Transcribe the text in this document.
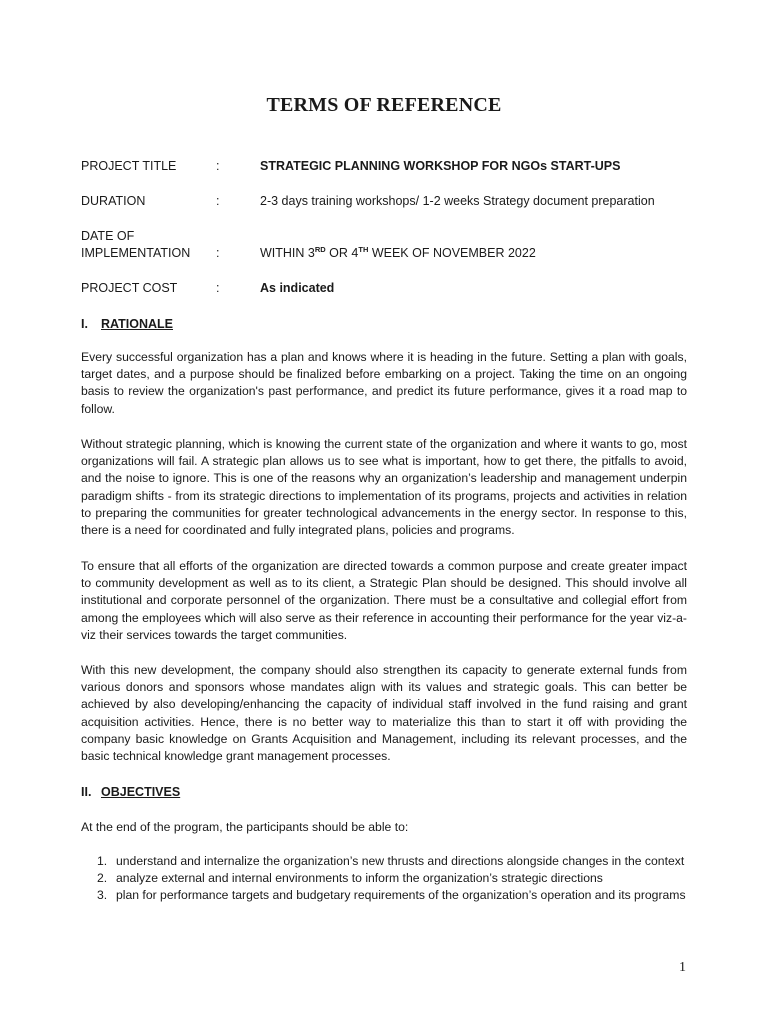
TERMS OF REFERENCE
PROJECT TITLE	:	STRATEGIC PLANNING WORKSHOP FOR NGOs START-UPS
DURATION	:	2-3 days training workshops/ 1-2 weeks Strategy document preparation
DATE OF
IMPLEMENTATION	:	WITHIN 3RD OR 4TH WEEK OF NOVEMBER 2022
PROJECT COST	:	As indicated
I. RATIONALE

Every successful organization has a plan and knows where it is heading in the future. Setting a plan with goals, target dates, and a purpose should be finalized before embarking on a project. Taking the time on an ongoing basis to review the organization's past performance, and predict its future performance, gives it a road map to follow.

Without strategic planning, which is knowing the current state of the organization and where it wants to go, most organizations will fail. A strategic plan allows us to see what is important, how to get there, the pitfalls to avoid, and the noise to ignore. This is one of the reasons why an organization’s leadership and management underpin paradigm shifts - from its strategic directions to implementation of its programs, projects and activities in relation to preparing the communities for greater technological advancements in the energy sector. In response to this, there is a need for coordinated and fully integrated plans, policies and programs.

To ensure that all efforts of the organization are directed towards a common purpose and create greater impact to community development as well as to its client, a Strategic Plan should be designed. This should involve all institutional and corporate personnel of the organization. There must be a consultative and collegial effort from among the employees which will also serve as their reference in accounting their performance for the year viz-a-viz their services towards the target communities.

With this new development, the company should also strengthen its capacity to generate external funds from various donors and sponsors whose mandates align with its values and strategic goals. This can better be achieved by also developing/enhancing the capacity of individual staff involved in the fund raising and grant acquisition activities. Hence, there is no better way to materialize this than to start it off with providing the company basic knowledge on Grants Acquisition and Management, including its relevant processes, and the basic technical knowledge grant management processes.

II. OBJECTIVES

At the end of the program, the participants should be able to:

1. understand and internalize the organization’s new thrusts and directions alongside changes in the context
2. analyze external and internal environments to inform the organization’s strategic directions
3. plan for performance targets and budgetary requirements of the organization’s operation and its programs
1
